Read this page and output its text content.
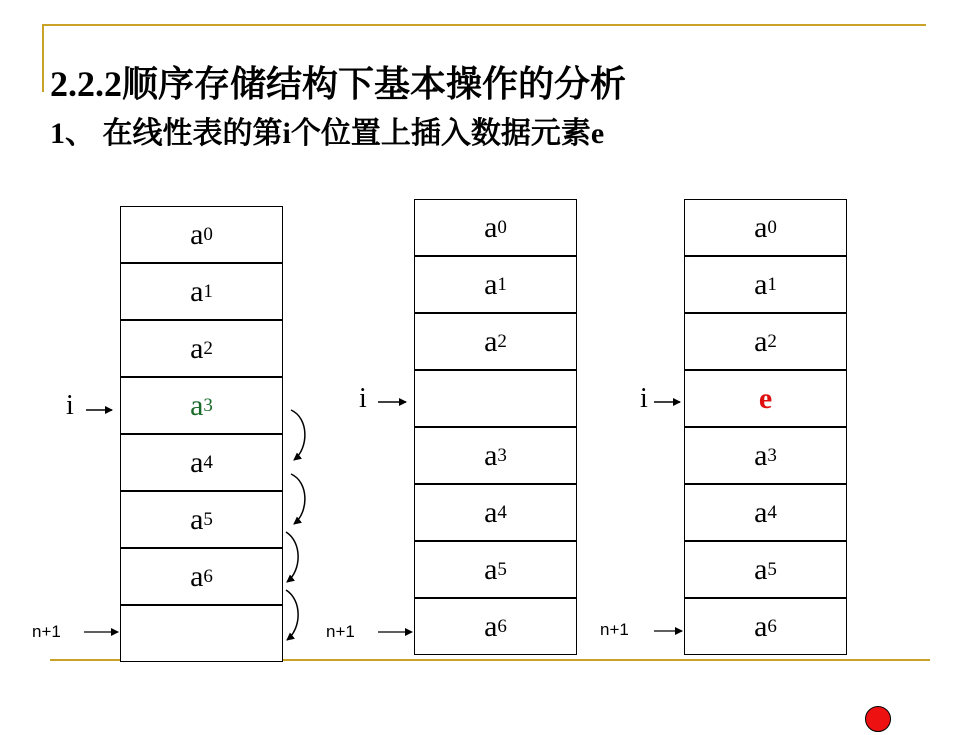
2.2.2顺序存储结构下基本操作的分析
1、 在线性表的第i个位置上插入数据元素e
a 0
a 1
a 2
a 3
a 4
a 5
a 6
a 0
a 1
a 2
a 3
a 4
a 5
a 6
a 0
a 1
a 2
e
a 3
a 4
a 5
a 6
i	i	i
n+1	n+1	n+1
